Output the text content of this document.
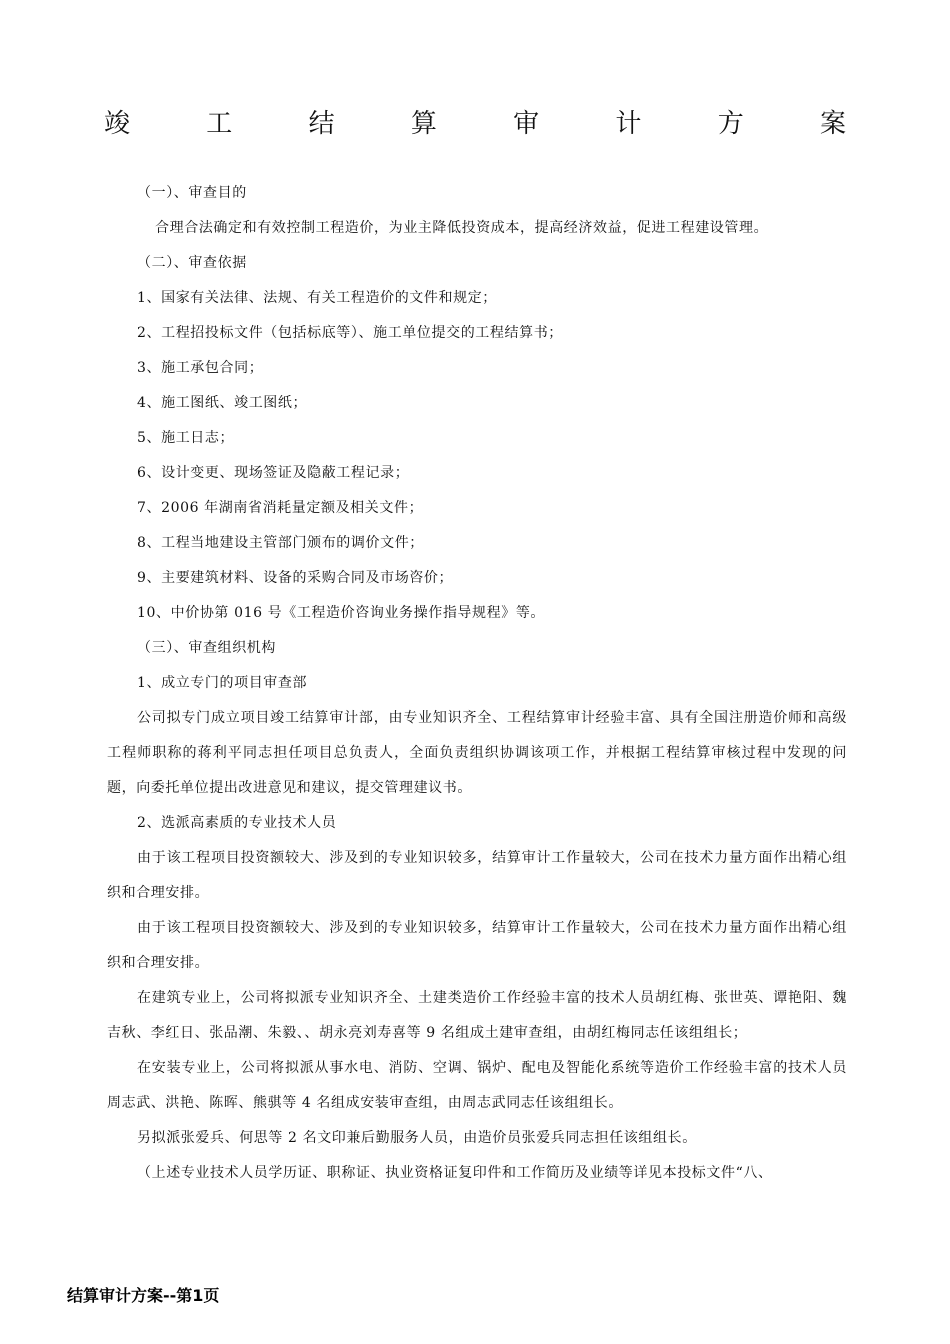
竣	工	结	算	审	计	方	案

（一）、审查目的

合理合法确定和有效控制工程造价，为业主降低投资成本，提高经济效益，促进工程建设管理。

（二）、审查依据

1、国家有关法律、法规、有关工程造价的文件和规定；

2、工程招投标文件（包括标底等）、施工单位提交的工程结算书；

3、施工承包合同；

4、施工图纸、竣工图纸；

5、施工日志；

6、设计变更、现场签证及隐蔽工程记录；

7、2006 年湖南省消耗量定额及相关文件；

8、工程当地建设主管部门颁布的调价文件；

9、主要建筑材料、设备的采购合同及市场咨价；

10、中价协第 016 号《工程造价咨询业务操作指导规程》等。

（三）、审查组织机构

1、成立专门的项目审查部

公司拟专门成立项目竣工结算审计部，由专业知识齐全、工程结算审计经验丰富、具有全国注册造价师和高级工程师职称的蒋利平同志担任项目总负责人，全面负责组织协调该项工作，并根据工程结算审核过程中发现的问题，向委托单位提出改进意见和建议，提交管理建议书。

2、选派高素质的专业技术人员

由于该工程项目投资额较大、涉及到的专业知识较多，结算审计工作量较大，公司在技术力量方面作出精心组织和合理安排。

由于该工程项目投资额较大、涉及到的专业知识较多，结算审计工作量较大，公司在技术力量方面作出精心组织和合理安排。

在建筑专业上，公司将拟派专业知识齐全、土建类造价工作经验丰富的技术人员胡红梅、张世英、谭艳阳、魏吉秋、李红日、张品潮、朱毅、、胡永亮刘寿喜等 9 名组成土建审查组，由胡红梅同志任该组组长；

在安装专业上，公司将拟派从事水电、消防、空调、锅炉、配电及智能化系统等造价工作经验丰富的技术人员周志武、洪艳、陈晖、熊骐等 4 名组成安装审查组，由周志武同志任该组组长。

另拟派张爱兵、何思等 2 名文印兼后勤服务人员，由造价员张爱兵同志担任该组组长。

（上述专业技术人员学历证、职称证、执业资格证复印件和工作简历及业绩等详见本投标文件“八、

结算审计方案--第1页
